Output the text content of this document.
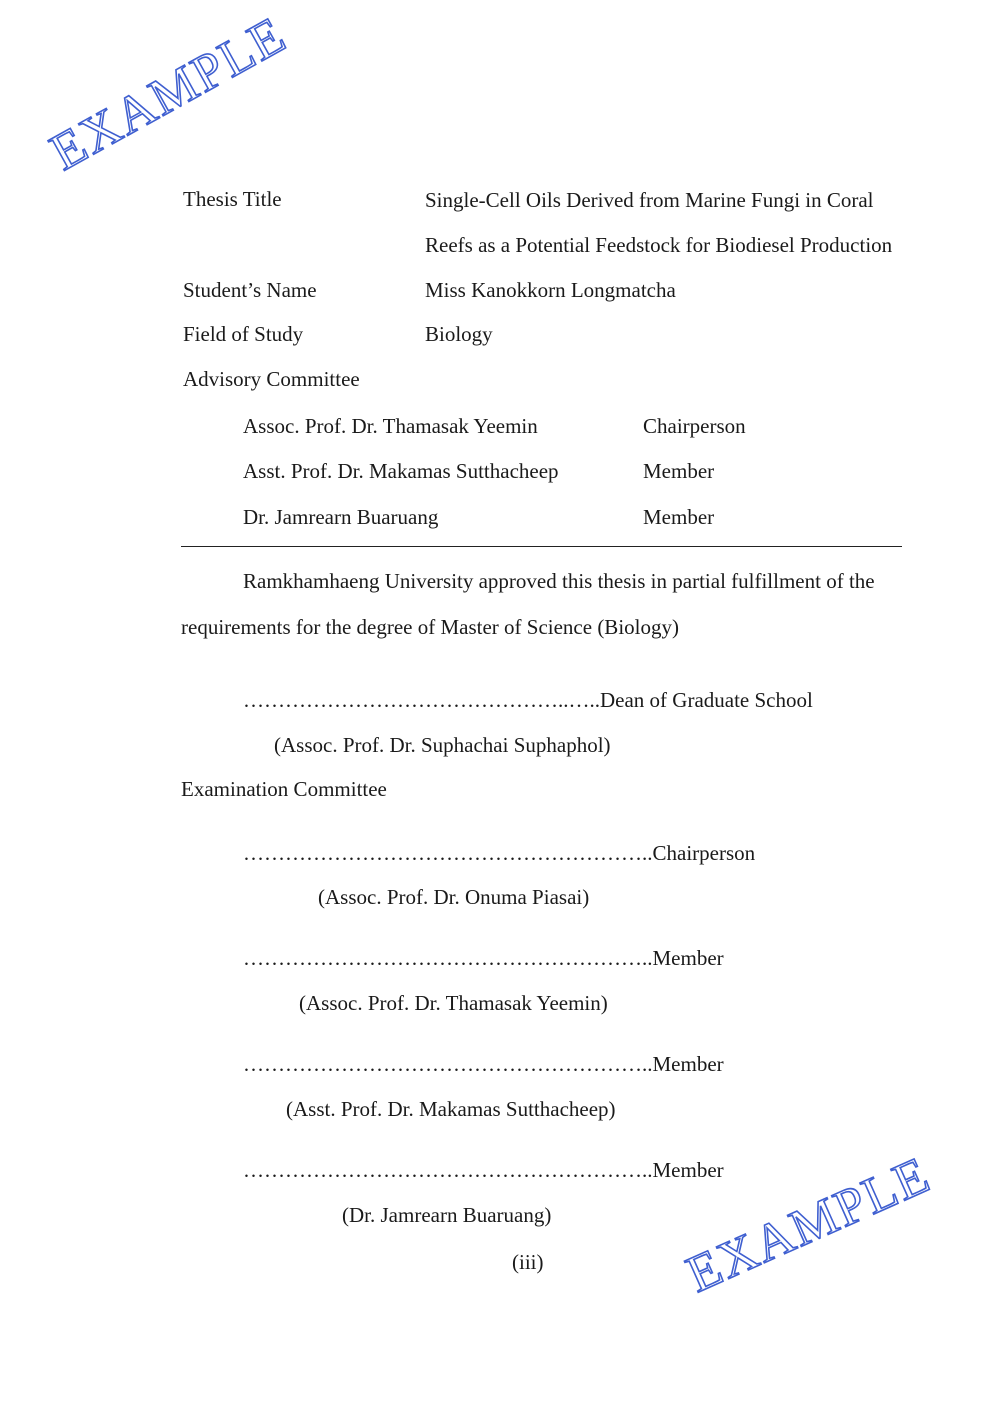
EXAMPLE
Thesis Title	Single-Cell Oils Derived from Marine Fungi in Coral
Reefs as a Potential Feedstock for Biodiesel Production
Student’s Name	Miss Kanokkorn Longmatcha
Field of Study	Biology
Advisory Committee
Assoc. Prof. Dr. Thamasak Yeemin	Chairperson
Asst. Prof. Dr. Makamas Sutthacheep	Member
Dr. Jamrearn Buaruang	Member
Ramkhamhaeng University approved this thesis in partial fulfillment of the
requirements for the degree of Master of Science (Biology)
………………………………………..…..Dean of Graduate School
(Assoc. Prof. Dr. Suphachai Suphaphol)
Examination Committee
…………………………………………………..Chairperson
(Assoc. Prof. Dr. Onuma Piasai)
…………………………………………………..Member
(Assoc. Prof. Dr. Thamasak Yeemin)
…………………………………………………..Member
(Asst. Prof. Dr. Makamas Sutthacheep)
…………………………………………………..Member
(Dr. Jamrearn Buaruang)
(iii)	EXAMPLE
